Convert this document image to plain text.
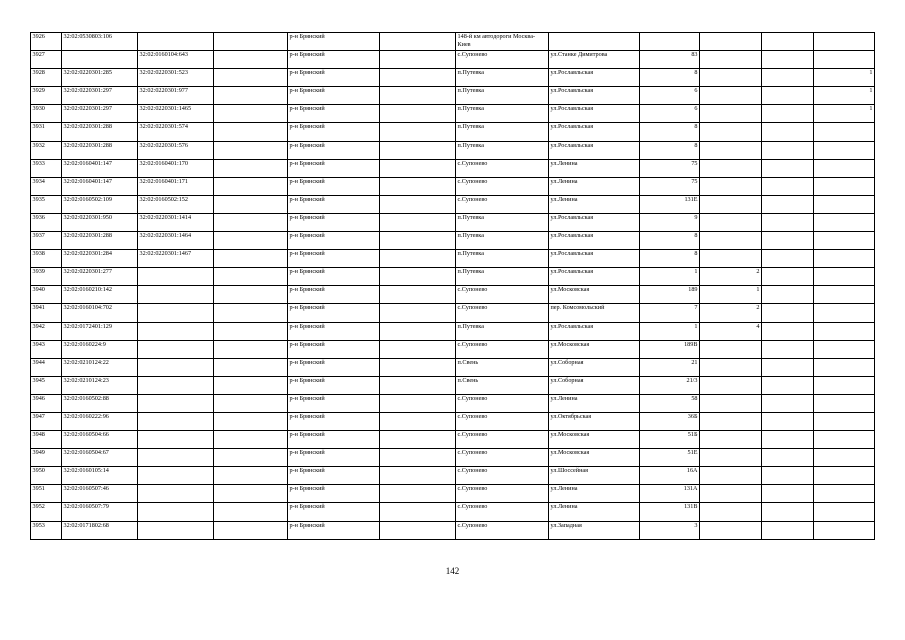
3926	32:02:0530803:106			р-н Брянский		148-й км автодороги Москва-Киев					
3927		32:02:0160104:643		р-н Брянский		с.Супонево	ул.Станке Димитрова	83			
3928	32:02:0220301:285	32:02:0220301:523		р-н Брянский		п.Путевка	ул.Рославльская	8			1
3929	32:02:0220301:297	32:02:0220301:977		р-н Брянский		п.Путевка	ул.Рославльская	6			1
3930	32:02:0220301:297	32:02:0220301:1465		р-н Брянский		п.Путевка	ул.Рославльская	6			1
3931	32:02:0220301:288	32:02:0220301:574		р-н Брянский		п.Путевка	ул.Рославльская	8			
3932	32:02:0220301:288	32:02:0220301:576		р-н Брянский		п.Путевка	ул.Рославльская	8			
3933	32:02:0160401:147	32:02:0160401:170		р-н Брянский		с.Супонево	ул.Ленина	75			
3934	32:02:0160401:147	32:02:0160401:171		р-н Брянский		с.Супонево	ул.Ленина	75			
3935	32:02:0160502:109	32:02:0160502:152		р-н Брянский		с.Супонево	ул.Ленина	131Е			
3936	32:02:0220301:950	32:02:0220301:1414		р-н Брянский		п.Путевка	ул.Рославльская	9			
3937	32:02:0220301:288	32:02:0220301:1464		р-н Брянский		п.Путевка	ул.Рославльская	8			
3938	32:02:0220301:284	32:02:0220301:1467		р-н Брянский		п.Путевка	ул.Рославльская	8			
3939	32:02:0220301:277			р-н Брянский		п.Путевка	ул.Рославльская	1	2		
3940	32:02:0160210:142			р-н Брянский		с.Супонево	ул.Московская	189	1		
3941	32:02:0160104:702			р-н Брянский		с.Супонево	пер. Комсомольский	7	2		
3942	32:02:0172401:129			р-н Брянский		п.Путевка	ул.Рославльская	1	4		
3943	32:02:0160224:9			р-н Брянский		с.Супонево	ул.Московская	189В			
3944	32:02:0210124:22			р-н Брянский		п.Свень	ул.Соборная	21			
3945	32:02:0210124:23			р-н Брянский		п.Свень	ул.Соборная	21/3			
3946	32:02:0160502:88			р-н Брянский		с.Супонево	ул.Ленина	58			
3947	32:02:0160222:96			р-н Брянский		с.Супонево	ул.Октябрьская	36Б			
3948	32:02:0160504:66			р-н Брянский		с.Супонево	ул.Московская	51Б			
3949	32:02:0160504:67			р-н Брянский		с.Супонево	ул.Московская	51Е			
3950	32:02:0160105:14			р-н Брянский		с.Супонево	ул.Шоссейная	16А			
3951	32:02:0160507:46			р-н Брянский		с.Супонево	ул.Ленина	131А			
3952	32:02:0160507:79			р-н Брянский		с.Супонево	ул.Ленина	131В			
3953	32:02:0171802:68			р-н Брянский		с.Супонево	ул.Западная	3			
142
